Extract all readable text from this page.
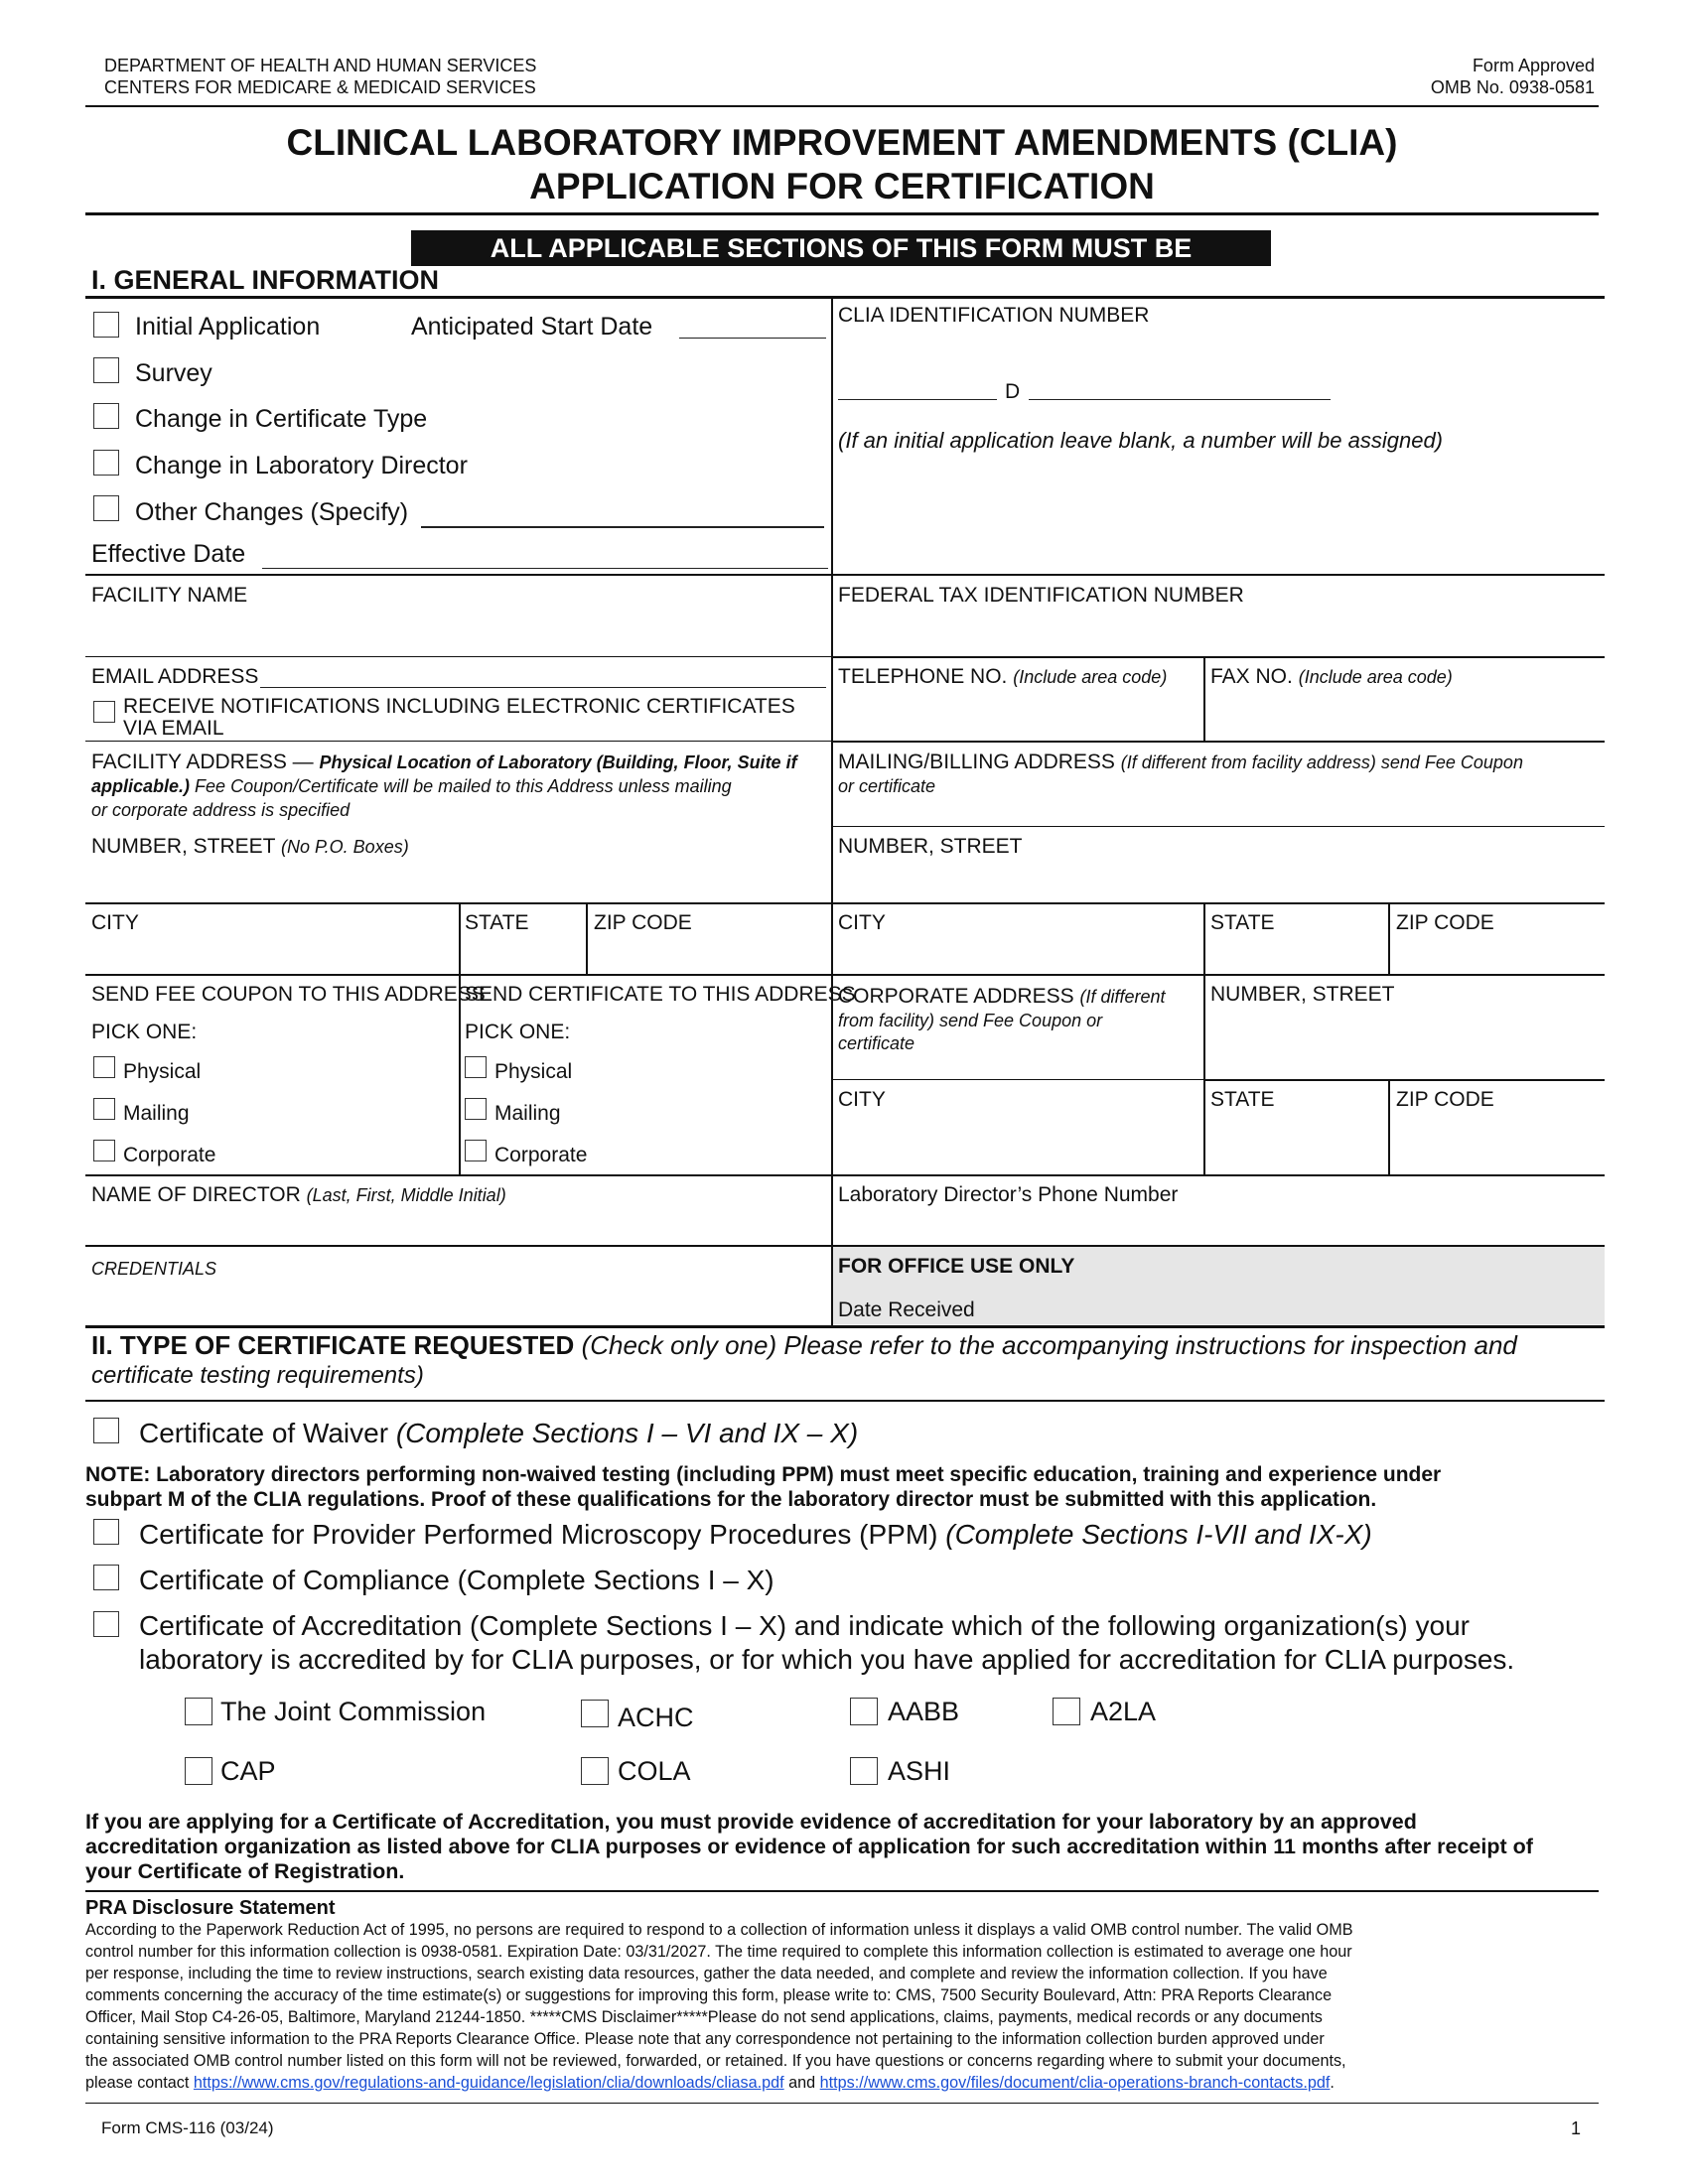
DEPARTMENT OF HEALTH AND HUMAN SERVICES
CENTERS FOR MEDICARE & MEDICAID SERVICES
Form Approved
OMB No. 0938-0581
CLINICAL LABORATORY IMPROVEMENT AMENDMENTS (CLIA)
APPLICATION FOR CERTIFICATION
ALL APPLICABLE SECTIONS OF THIS FORM MUST BE COMPLETED.
I. GENERAL INFORMATION
Initial Application	Anticipated Start Date
Survey
Change in Certificate Type
Change in Laboratory Director
Other Changes (Specify)
Effective Date
CLIA IDENTIFICATION NUMBER
D
(If an initial application leave blank, a number will be assigned)
FACILITY NAME	FEDERAL TAX IDENTIFICATION NUMBER
EMAIL ADDRESS
RECEIVE NOTIFICATIONS INCLUDING ELECTRONIC CERTIFICATES
VIA EMAIL
TELEPHONE NO. (Include area code) FAX NO. (Include area code)
FACILITY ADDRESS — Physical Location of Laboratory (Building, Floor, Suite if
applicable.) Fee Coupon/Certificate will be mailed to this Address unless mailing
or corporate address is specified
NUMBER, STREET (No P.O. Boxes)
MAILING/BILLING ADDRESS (If different from facility address) send Fee Coupon
or certificate
NUMBER, STREET
CITY	STATE	ZIP CODE	CITY	STATE	ZIP CODE
SEND FEE COUPON TO THIS ADDRESS
PICK ONE:
Physical
Mailing
Corporate
SEND CERTIFICATE TO THIS ADDRESS
PICK ONE:
Physical
Mailing
Corporate
CORPORATE ADDRESS (If different
from facility) send Fee Coupon or
certificate
NUMBER, STREET
CITY	STATE	ZIP CODE
NAME OF DIRECTOR (Last, First, Middle Initial)	Laboratory Director’s Phone Number
CREDENTIALS	FOR OFFICE USE ONLY
Date Received
II. TYPE OF CERTIFICATE REQUESTED (Check only one) Please refer to the accompanying instructions for inspection and
certificate testing requirements)
Certificate of Waiver (Complete Sections I – VI and IX – X)
NOTE: Laboratory directors performing non-waived testing (including PPM) must meet specific education, training and experience under
subpart M of the CLIA regulations. Proof of these qualifications for the laboratory director must be submitted with this application.
Certificate for Provider Performed Microscopy Procedures (PPM) (Complete Sections I-VII and IX-X)
Certificate of Compliance (Complete Sections I – X)
Certificate of Accreditation (Complete Sections I – X) and indicate which of the following organization(s) your
laboratory is accredited by for CLIA purposes, or for which you have applied for accreditation for CLIA purposes.
The Joint Commission	ACHC	AABB	A2LA
CAP	COLA	ASHI
If you are applying for a Certificate of Accreditation, you must provide evidence of accreditation for your laboratory by an approved
accreditation organization as listed above for CLIA purposes or evidence of application for such accreditation within 11 months after receipt of
your Certificate of Registration.
PRA Disclosure Statement
According to the Paperwork Reduction Act of 1995, no persons are required to respond to a collection of information unless it displays a valid OMB control number. The valid OMB
control number for this information collection is 0938-0581. Expiration Date: 03/31/2027. The time required to complete this information collection is estimated to average one hour
per response, including the time to review instructions, search existing data resources, gather the data needed, and complete and review the information collection. If you have
comments concerning the accuracy of the time estimate(s) or suggestions for improving this form, please write to: CMS, 7500 Security Boulevard, Attn: PRA Reports Clearance
Officer, Mail Stop C4-26-05, Baltimore, Maryland 21244-1850. *****CMS Disclaimer*****Please do not send applications, claims, payments, medical records or any documents
containing sensitive information to the PRA Reports Clearance Office. Please note that any correspondence not pertaining to the information collection burden approved under
the associated OMB control number listed on this form will not be reviewed, forwarded, or retained. If you have questions or concerns regarding where to submit your documents,
please contact https://www.cms.gov/regulations-and-guidance/legislation/clia/downloads/cliasa.pdf and https://www.cms.gov/files/document/clia-operations-branch-contacts.pdf.
Form CMS-116 (03/24)	1
